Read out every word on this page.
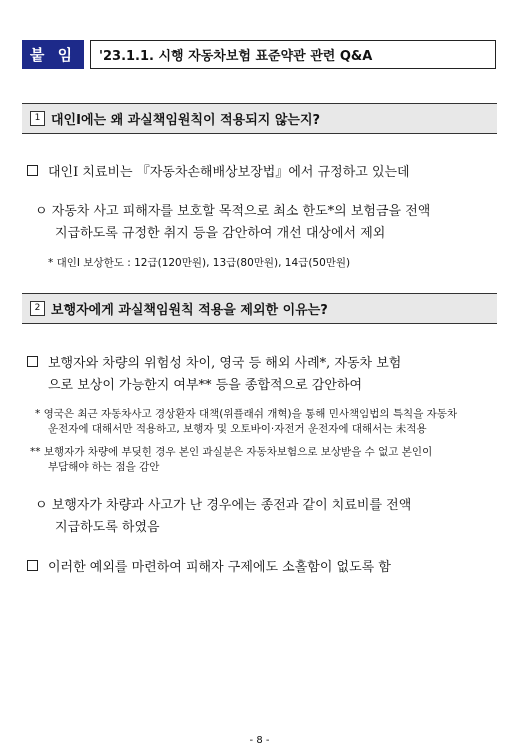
붙 임	'23.1.1. 시행 자동차보험 표준약관 관련 Q&A
1 대인Ⅰ에는 왜 과실책임원칙이 적용되지 않는지?
대인Ⅰ 치료비는 『자동차손해배상보장법』에서 규정하고 있는데
ㅇ 자동차 사고 피해자를 보호할 목적으로 최소 한도*의 보험금을 전액
지급하도록 규정한 취지 등을 감안하여 개선 대상에서 제외
* 대인Ⅰ 보상한도 : 12급(120만원), 13급(80만원), 14급(50만원)
2 보행자에게 과실책임원칙 적용을 제외한 이유는?
보행자와 차량의 위험성 차이, 영국 등 해외 사례*, 자동차 보험
으로 보상이 가능한지 여부** 등을 종합적으로 감안하여
* 영국은 최근 자동차사고 경상환자 대책(위플래쉬 개혁)을 통해 민사책임법의 특칙을 자동차
운전자에 대해서만 적용하고, 보행자 및 오토바이·자전거 운전자에 대해서는 未적용
** 보행자가 차량에 부딪힌 경우 본인 과실분은 자동차보험으로 보상받을 수 없고 본인이
부담해야 하는 점을 감안
ㅇ 보행자가 차량과 사고가 난 경우에는 종전과 같이 치료비를 전액
지급하도록 하였음
이러한 예외를 마련하여 피해자 구제에도 소홀함이 없도록 함
- 8 -
